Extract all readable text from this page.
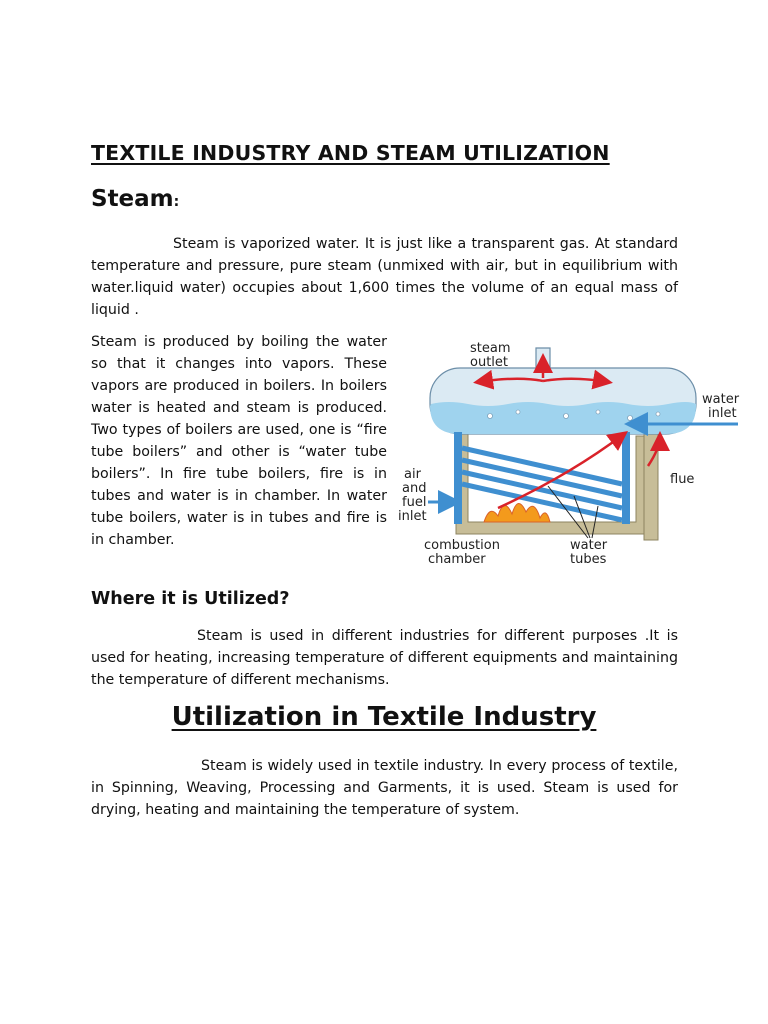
TEXTILE INDUSTRY AND STEAM UTILIZATION
Steam:

Steam is vaporized water. It is just like a transparent gas. At standard temperature and pressure, pure steam (unmixed with air, but in equilibrium with water.liquid water) occupies about 1,600 times the volume of an equal mass of liquid .

Steam is produced by boiling the water so that it changes into vapors. These vapors are produced in boilers. In boilers water is heated and steam is produced. Two types of boilers are used, one is “fire tube boilers” and other is “water tube boilers”. In fire tube boilers, fire is in tubes and water is in chamber. In water tube boilers, water is in tubes and fire is in chamber.

steam
outlet
water
inlet
air
and
fuel
inlet
flue
combustion
chamber
water
tubes
Where it is Utilized?

Steam is used in different industries for different purposes .It is used for heating, increasing temperature of different equipments and maintaining the temperature of different mechanisms.

Utilization in Textile Industry

Steam is widely used in textile industry. In every process of textile, in Spinning, Weaving, Processing and Garments, it is used. Steam is used for drying, heating and maintaining the temperature of system.
